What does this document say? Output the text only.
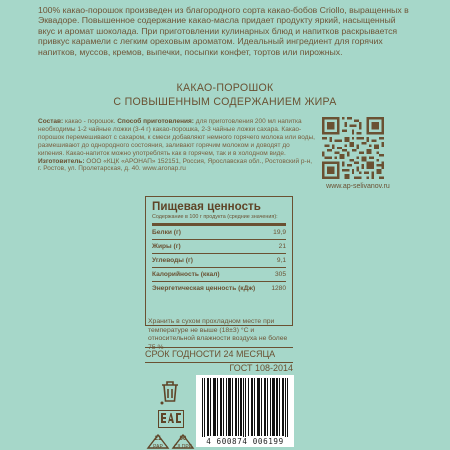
100% какао-порошок произведен из благородного сорта какао-бобов Criollo, выращенных в Эквадоре. Повышенное содержание какао-масла придает продукту яркий, насыщенный вкус и аромат шоколада. При приготовлении кулинарных блюд и напитков раскрывается привкус карамели с легким ореховым ароматом. Идеальный ингредиент для горячих напитков, муссов, кремов, выпечки, посыпки конфет, тортов или пирожных.
КАКАО-ПОРОШОК
С ПОВЫШЕННЫМ СОДЕРЖАНИЕМ ЖИРА
Состав: какао - порошок. Способ приготовления: для приготовления 200 мл напитка необходимы 1-2 чайные ложки (3-4 г) какао-порошка, 2-3 чайные ложки сахара. Какао-порошок перемешивают с сахаром, к смеси добавляют немного горячего молока или воды, размешивают до однородного состояния, заливают горячим молоком и доводят до кипения. Какао-напиток можно употреблять как в горячем, так и в холодном виде.
Изготовитель: ООО «КЦК «АРОНАП» 152151, Россия, Ярославская обл., Ростовский р-н, г. Ростов, ул. Пролетарская, д. 40. www.aronap.ru
www.ap-selivanov.ru
Пищевая ценность
Содержание в 100 г продукта (средние значения):
Белки (г)	19,9
Жиры (г)	21
Углеводы (г)	9,1
Калорийность (ккал)	305
Энергетическая ценность (кДж) 1280
Хранить в сухом прохладном месте при температуре не выше (18±3) °С и относительной влажности воздуха не более 75 %
СРОК ГОДНОСТИ 24 МЕСЯЦА
ГОСТ 108-2014
21
PAP
90
C/LDPE
4 600874 006199
